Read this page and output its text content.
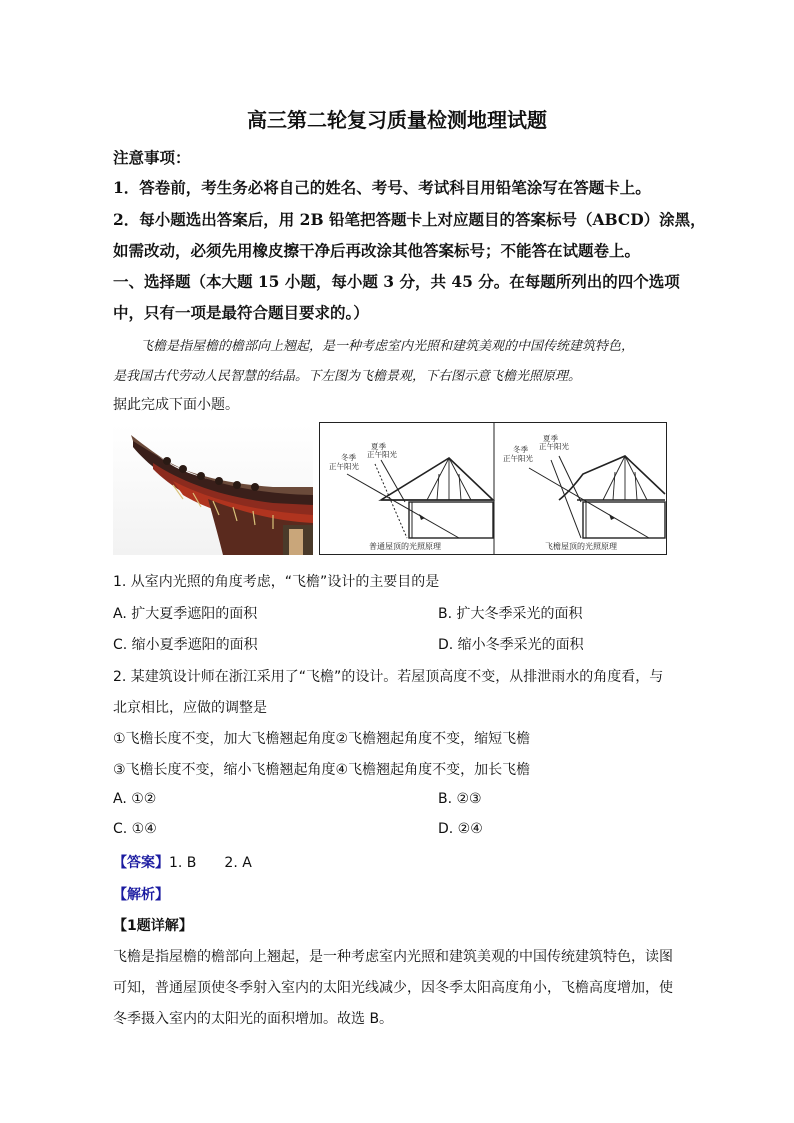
高三第二轮复习质量检测地理试题
注意事项：
1．答卷前，考生务必将自己的姓名、考号、考试科目用铅笔涂写在答题卡上。
2．每小题选出答案后，用 2B 铅笔把答题卡上对应题目的答案标号（ABCD）涂黑，
如需改动，必须先用橡皮擦干净后再改涂其他答案标号；不能答在试题卷上。
一、选择题（本大题 15 小题，每小题 3 分，共 45 分。在每题所列出的四个选项
中，只有一项是最符合题目要求的。）
飞檐是指屋檐的檐部向上翘起，是一种考虑室内光照和建筑美观的中国传统建筑特色，
是我国古代劳动人民智慧的结晶。下左图为飞檐景观，下右图示意飞檐光照原理。
据此完成下面小题。
夏季
正午阳光
冬季
正午阳光
普通屋顶的光照原理
夏季
正午阳光
冬季
正午阳光
飞檐屋顶的光照原理
1. 从室内光照的角度考虑，“飞檐”设计的主要目的是
A. 扩大夏季遮阳的面积	B. 扩大冬季采光的面积
C. 缩小夏季遮阳的面积	D. 缩小冬季采光的面积
2. 某建筑设计师在浙江采用了“飞檐”的设计。若屋顶高度不变，从排泄雨水的角度看，与
北京相比，应做的调整是
①飞檐长度不变，加大飞檐翘起角度②飞檐翘起角度不变，缩短飞檐
③飞檐长度不变，缩小飞檐翘起角度④飞檐翘起角度不变，加长飞檐
A. ①②	B. ②③
C. ①④	D. ②④
【答案】1. B　　2. A
【解析】
【1题详解】
飞檐是指屋檐的檐部向上翘起，是一种考虑室内光照和建筑美观的中国传统建筑特色，读图
可知，普通屋顶使冬季射入室内的太阳光线减少，因冬季太阳高度角小，飞檐高度增加，使
冬季摄入室内的太阳光的面积增加。故选 B。
